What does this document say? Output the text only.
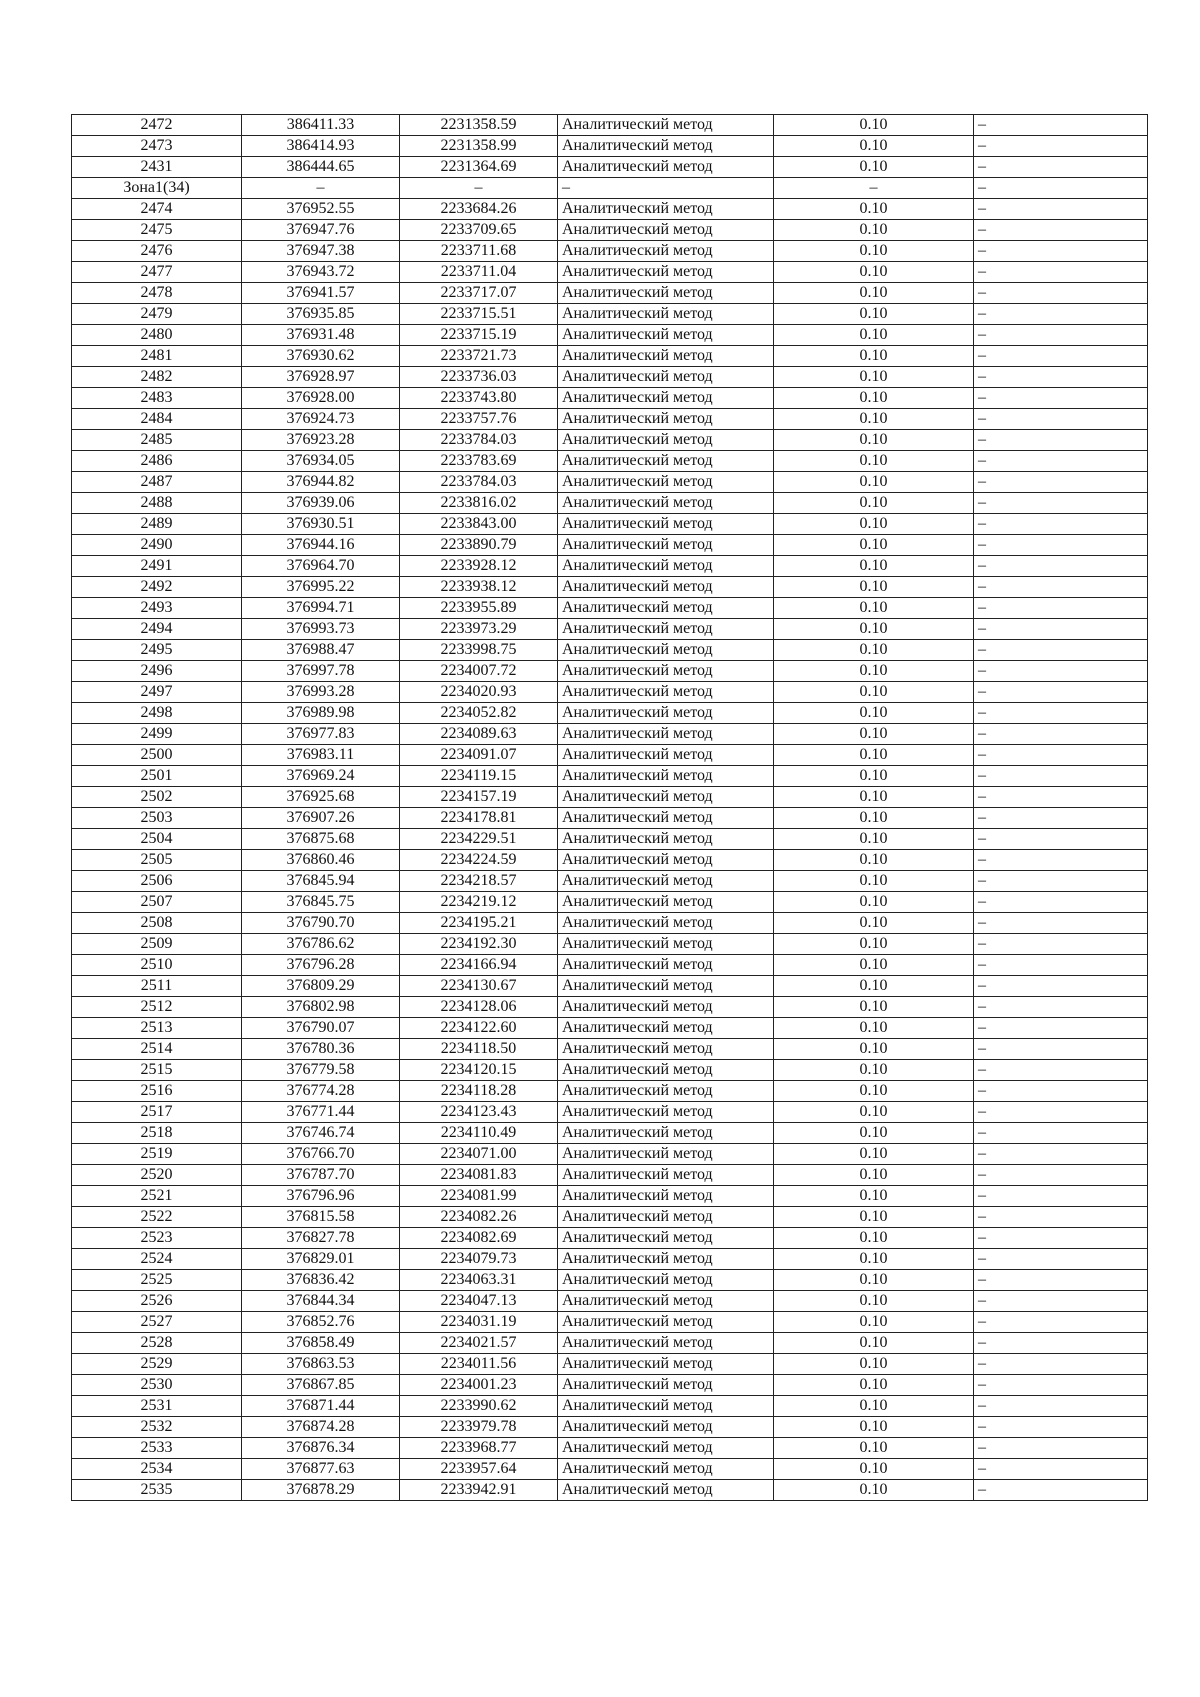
2472	386411.33	2231358.59	Аналитический метод	0.10	–
2473	386414.93	2231358.99	Аналитический метод	0.10	–
2431	386444.65	2231364.69	Аналитический метод	0.10	–
Зона1(34)	–	–	–	–	–
2474	376952.55	2233684.26	Аналитический метод	0.10	–
2475	376947.76	2233709.65	Аналитический метод	0.10	–
2476	376947.38	2233711.68	Аналитический метод	0.10	–
2477	376943.72	2233711.04	Аналитический метод	0.10	–
2478	376941.57	2233717.07	Аналитический метод	0.10	–
2479	376935.85	2233715.51	Аналитический метод	0.10	–
2480	376931.48	2233715.19	Аналитический метод	0.10	–
2481	376930.62	2233721.73	Аналитический метод	0.10	–
2482	376928.97	2233736.03	Аналитический метод	0.10	–
2483	376928.00	2233743.80	Аналитический метод	0.10	–
2484	376924.73	2233757.76	Аналитический метод	0.10	–
2485	376923.28	2233784.03	Аналитический метод	0.10	–
2486	376934.05	2233783.69	Аналитический метод	0.10	–
2487	376944.82	2233784.03	Аналитический метод	0.10	–
2488	376939.06	2233816.02	Аналитический метод	0.10	–
2489	376930.51	2233843.00	Аналитический метод	0.10	–
2490	376944.16	2233890.79	Аналитический метод	0.10	–
2491	376964.70	2233928.12	Аналитический метод	0.10	–
2492	376995.22	2233938.12	Аналитический метод	0.10	–
2493	376994.71	2233955.89	Аналитический метод	0.10	–
2494	376993.73	2233973.29	Аналитический метод	0.10	–
2495	376988.47	2233998.75	Аналитический метод	0.10	–
2496	376997.78	2234007.72	Аналитический метод	0.10	–
2497	376993.28	2234020.93	Аналитический метод	0.10	–
2498	376989.98	2234052.82	Аналитический метод	0.10	–
2499	376977.83	2234089.63	Аналитический метод	0.10	–
2500	376983.11	2234091.07	Аналитический метод	0.10	–
2501	376969.24	2234119.15	Аналитический метод	0.10	–
2502	376925.68	2234157.19	Аналитический метод	0.10	–
2503	376907.26	2234178.81	Аналитический метод	0.10	–
2504	376875.68	2234229.51	Аналитический метод	0.10	–
2505	376860.46	2234224.59	Аналитический метод	0.10	–
2506	376845.94	2234218.57	Аналитический метод	0.10	–
2507	376845.75	2234219.12	Аналитический метод	0.10	–
2508	376790.70	2234195.21	Аналитический метод	0.10	–
2509	376786.62	2234192.30	Аналитический метод	0.10	–
2510	376796.28	2234166.94	Аналитический метод	0.10	–
2511	376809.29	2234130.67	Аналитический метод	0.10	–
2512	376802.98	2234128.06	Аналитический метод	0.10	–
2513	376790.07	2234122.60	Аналитический метод	0.10	–
2514	376780.36	2234118.50	Аналитический метод	0.10	–
2515	376779.58	2234120.15	Аналитический метод	0.10	–
2516	376774.28	2234118.28	Аналитический метод	0.10	–
2517	376771.44	2234123.43	Аналитический метод	0.10	–
2518	376746.74	2234110.49	Аналитический метод	0.10	–
2519	376766.70	2234071.00	Аналитический метод	0.10	–
2520	376787.70	2234081.83	Аналитический метод	0.10	–
2521	376796.96	2234081.99	Аналитический метод	0.10	–
2522	376815.58	2234082.26	Аналитический метод	0.10	–
2523	376827.78	2234082.69	Аналитический метод	0.10	–
2524	376829.01	2234079.73	Аналитический метод	0.10	–
2525	376836.42	2234063.31	Аналитический метод	0.10	–
2526	376844.34	2234047.13	Аналитический метод	0.10	–
2527	376852.76	2234031.19	Аналитический метод	0.10	–
2528	376858.49	2234021.57	Аналитический метод	0.10	–
2529	376863.53	2234011.56	Аналитический метод	0.10	–
2530	376867.85	2234001.23	Аналитический метод	0.10	–
2531	376871.44	2233990.62	Аналитический метод	0.10	–
2532	376874.28	2233979.78	Аналитический метод	0.10	–
2533	376876.34	2233968.77	Аналитический метод	0.10	–
2534	376877.63	2233957.64	Аналитический метод	0.10	–
2535	376878.29	2233942.91	Аналитический метод	0.10	–
